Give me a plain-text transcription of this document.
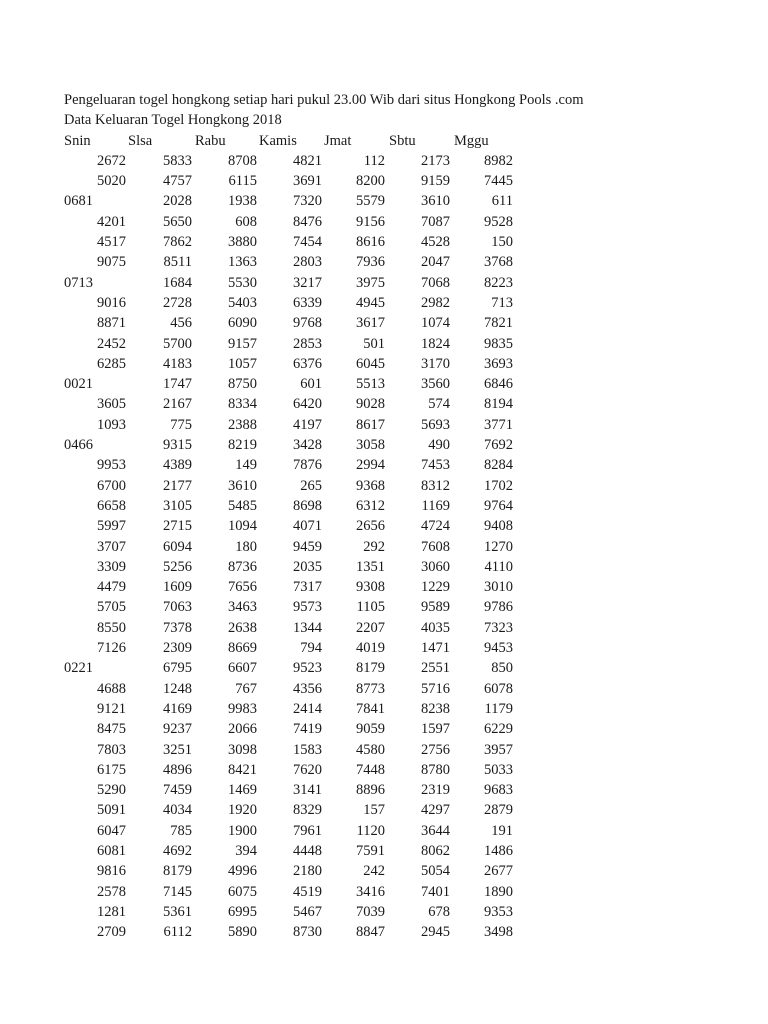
Pengeluaran togel hongkong setiap hari pukul 23.00 Wib dari situs Hongkong Pools .com
Data Keluaran Togel Hongkong 2018
Snin	Slsa	Rabu Kamis Jmat	Sbtu	Mggu
2672	5833	8708	4821	112	2173	8982
5020	4757	6115	3691	8200	9159	7445
0681	2028	1938	7320	5579	3610	611
4201	5650	608	8476	9156	7087	9528
4517	7862	3880	7454	8616	4528	150
9075	8511	1363	2803	7936	2047	3768
0713	1684	5530	3217	3975	7068	8223
9016	2728	5403	6339	4945	2982	713
8871	456	6090	9768	3617	1074	7821
2452	5700	9157	2853	501	1824	9835
6285	4183	1057	6376	6045	3170	3693
0021	1747	8750	601	5513	3560	6846
3605	2167	8334	6420	9028	574	8194
1093	775	2388	4197	8617	5693	3771
0466	9315	8219	3428	3058	490	7692
9953	4389	149	7876	2994	7453	8284
6700	2177	3610	265	9368	8312	1702
6658	3105	5485	8698	6312	1169	9764
5997	2715	1094	4071	2656	4724	9408
3707	6094	180	9459	292	7608	1270
3309	5256	8736	2035	1351	3060	4110
4479	1609	7656	7317	9308	1229	3010
5705	7063	3463	9573	1105	9589	9786
8550	7378	2638	1344	2207	4035	7323
7126	2309	8669	794	4019	1471	9453
0221	6795	6607	9523	8179	2551	850
4688	1248	767	4356	8773	5716	6078
9121	4169	9983	2414	7841	8238	1179
8475	9237	2066	7419	9059	1597	6229
7803	3251	3098	1583	4580	2756	3957
6175	4896	8421	7620	7448	8780	5033
5290	7459	1469	3141	8896	2319	9683
5091	4034	1920	8329	157	4297	2879
6047	785	1900	7961	1120	3644	191
6081	4692	394	4448	7591	8062	1486
9816	8179	4996	2180	242	5054	2677
2578	7145	6075	4519	3416	7401	1890
1281	5361	6995	5467	7039	678	9353
2709	6112	5890	8730	8847	2945	3498
